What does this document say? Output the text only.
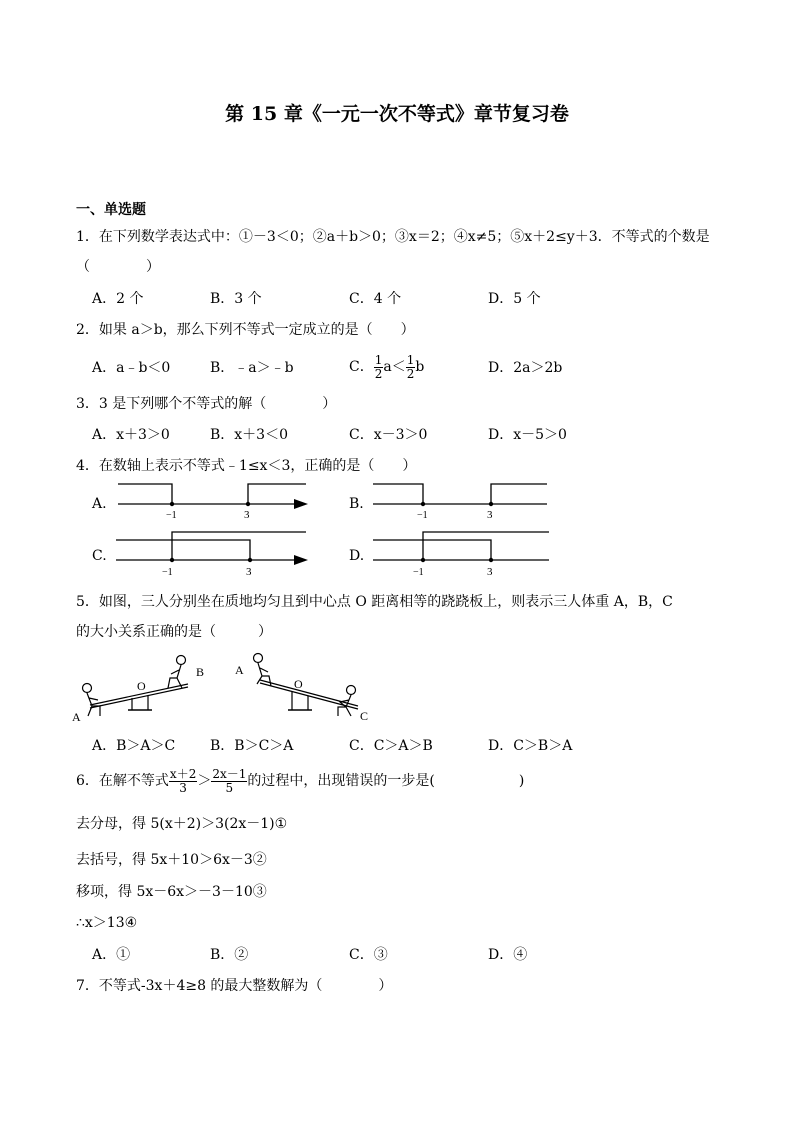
第 15 章《一元一次不等式》章节复习卷
一、单选题
1．在下列数学表达式中：①－3＜0；②a＋b＞0；③x＝2；④x≠5；⑤x＋2≤y＋3．不等式的个数是
（　　　　）
A．2 个	B．3 个	C．4 个	D．5 个
2．如果 a＞b，那么下列不等式一定成立的是（　　）
A．a﹣b＜0	B．﹣a＞﹣b	C． $\frac{1}{2} a< \frac{1}{2}$ b	D．2a＞2b
3．3 是下列哪个不等式的解（　　　　）
A．x＋3＞0	B．x＋3＜0	C．x－3＞0	D．x－5＞0
4．在数轴上表示不等式﹣1≤x＜3，正确的是（　　）
A.
−1	3
B.
−1	3
C.
−1	3
D.
−1	3
5．如图，三人分别坐在质地均匀且到中心点 O 距离相等的跷跷板上，则表示三人体重 A，B，C
的大小关系正确的是（　　　）
A
B
O
A
C
O
A．B＞A＞C B．B＞C＞A	C．C＞A＞B	D．C＞B＞A
6．在解不等式 $\frac{x+2}{3} > \frac{2x-1}{5}$ 的过程中，出现错误的一步是(　　　　　　)
去分母，得 5(x＋2)＞3(2x－1)①
去括号，得 5x＋10＞6x－3②
移项，得 5x－6x＞－3－10③
∴x＞13④
A．①	B．②	C．③	D．④
7．不等式-3x＋4≥8 的最大整数解为（　　　　）
